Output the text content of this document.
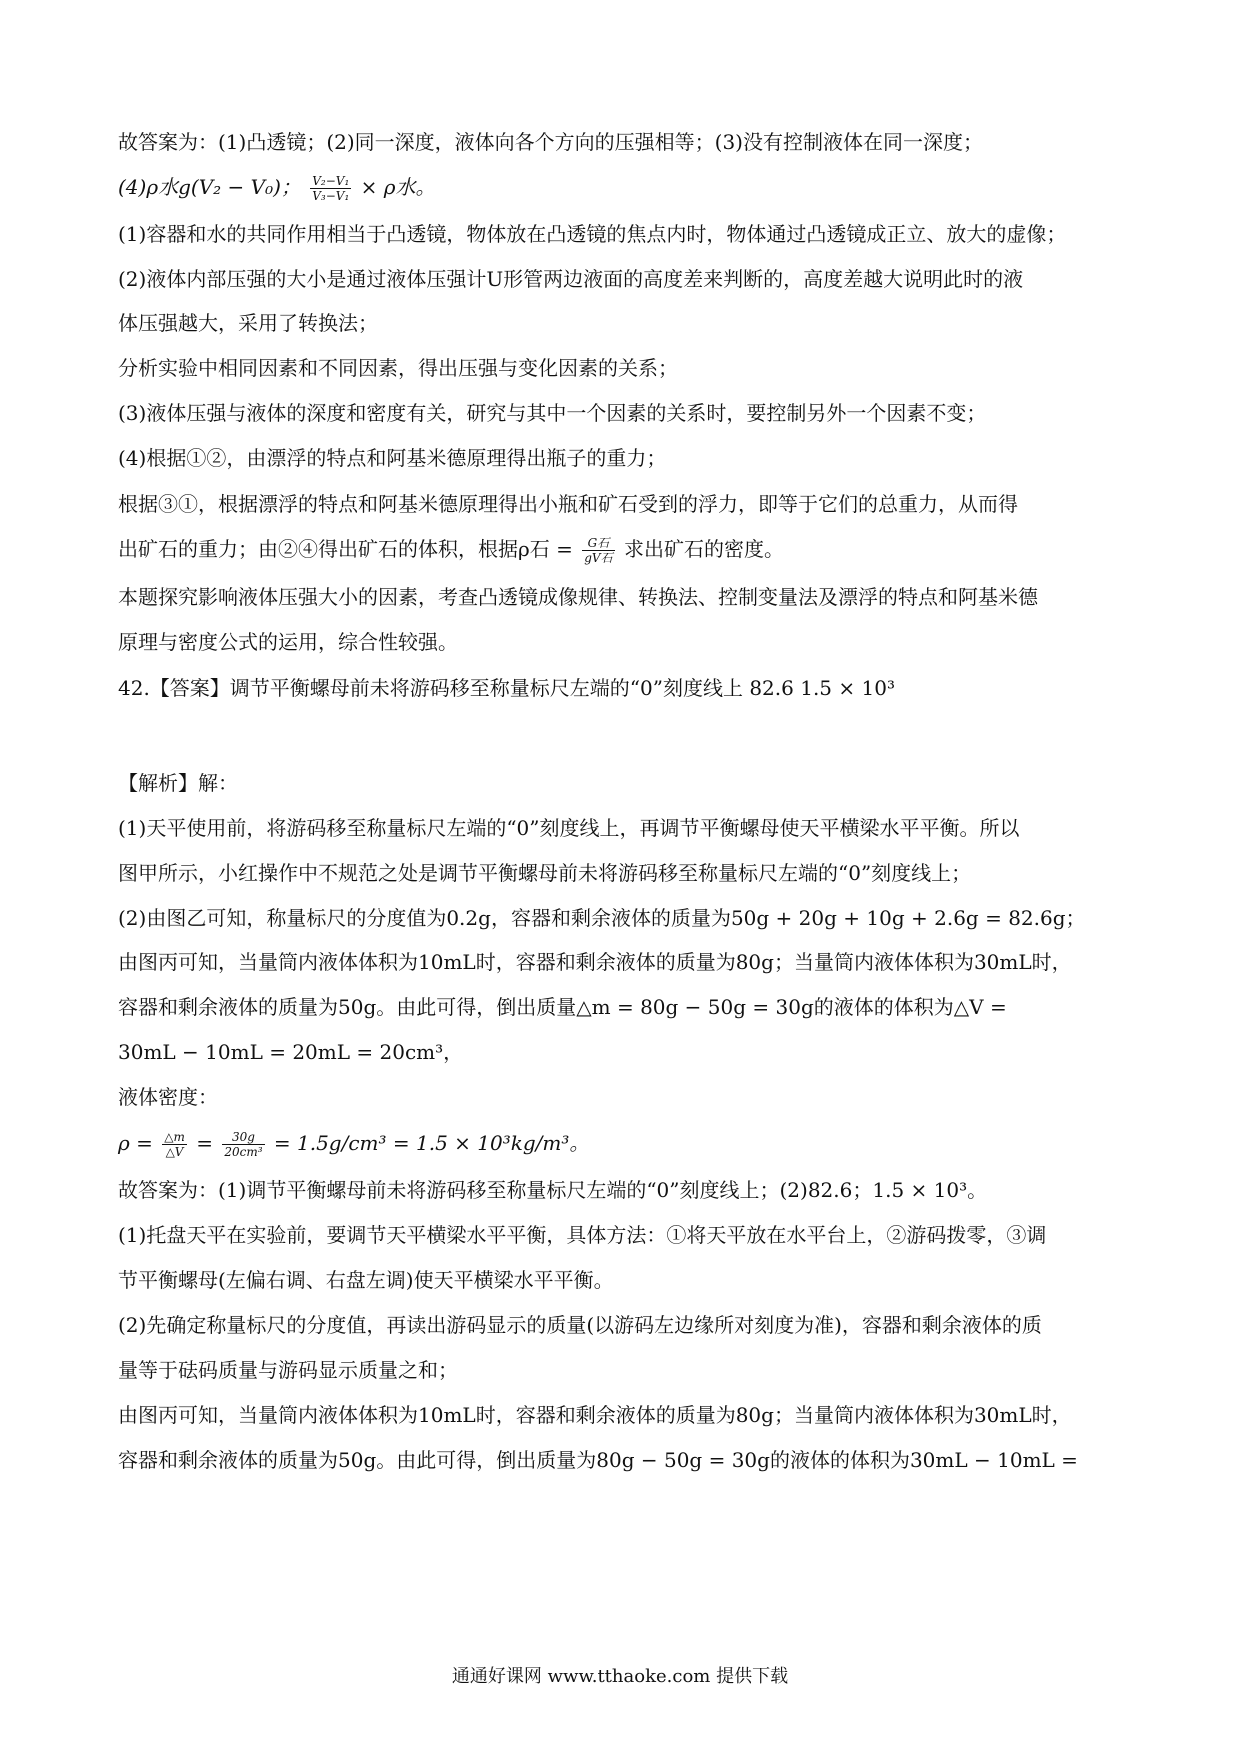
故答案为：(1)凸透镜；(2)同一深度，液体向各个方向的压强相等；(3)没有控制液体在同一深度；
(4)ρ水g(V₂ − V₀)； $\frac{\text{V₂−V₁}}{\text{V₃−V₁}} \times \rho$水。
(1)容器和水的共同作用相当于凸透镜，物体放在凸透镜的焦点内时，物体通过凸透镜成正立、放大的虚像；
(2)液体内部压强的大小是通过液体压强计U形管两边液面的高度差来判断的，高度差越大说明此时的液
体压强越大，采用了转换法；
分析实验中相同因素和不同因素，得出压强与变化因素的关系；
(3)液体压强与液体的深度和密度有关，研究与其中一个因素的关系时，要控制另外一个因素不变；
(4)根据①②，由漂浮的特点和阿基米德原理得出瓶子的重力；
根据③①，根据漂浮的特点和阿基米德原理得出小瓶和矿石受到的浮力，即等于它们的总重力，从而得
出矿石的重力；由②④得出矿石的体积，根据ρ石 = $\frac{\text{G石}}{\text{gV石}}$ 求出矿石的密度。
本题探究影响液体压强大小的因素，考查凸透镜成像规律、转换法、控制变量法及漂浮的特点和阿基米德
原理与密度公式的运用，综合性较强。
42.【答案】调节平衡螺母前未将游码移至称量标尺左端的“0”刻度线上 82.6 1.5 × 10³
【解析】解：
(1)天平使用前，将游码移至称量标尺左端的“0”刻度线上，再调节平衡螺母使天平横梁水平平衡。所以
图甲所示，小红操作中不规范之处是调节平衡螺母前未将游码移至称量标尺左端的“0”刻度线上；
(2)由图乙可知，称量标尺的分度值为0.2g，容器和剩余液体的质量为50g + 20g + 10g + 2.6g = 82.6g；
由图丙可知，当量筒内液体体积为10mL时，容器和剩余液体的质量为80g；当量筒内液体体积为30mL时，
容器和剩余液体的质量为50g。由此可得，倒出质量△m = 80g − 50g = 30g的液体的体积为△V =
30mL − 10mL = 20mL = 20cm³，
液体密度：
$\rho = \frac{\triangle m}{\triangle V} = \frac{30g}{\text{20cm³}} = 1.5g/cm^3 = 1.5 \times 10^3kg/m^3$。
故答案为：(1)调节平衡螺母前未将游码移至称量标尺左端的“0”刻度线上；(2)82.6；1.5 × 10³。
(1)托盘天平在实验前，要调节天平横梁水平平衡，具体方法：①将天平放在水平台上，②游码拨零，③调
节平衡螺母(左偏右调、右盘左调)使天平横梁水平平衡。
(2)先确定称量标尺的分度值，再读出游码显示的质量(以游码左边缘所对刻度为准)，容器和剩余液体的质
量等于砝码质量与游码显示质量之和；
由图丙可知，当量筒内液体体积为10mL时，容器和剩余液体的质量为80g；当量筒内液体体积为30mL时，
容器和剩余液体的质量为50g。由此可得，倒出质量为80g − 50g = 30g的液体的体积为30mL − 10mL =
通通好课网 www.tthaoke.com 提供下载
